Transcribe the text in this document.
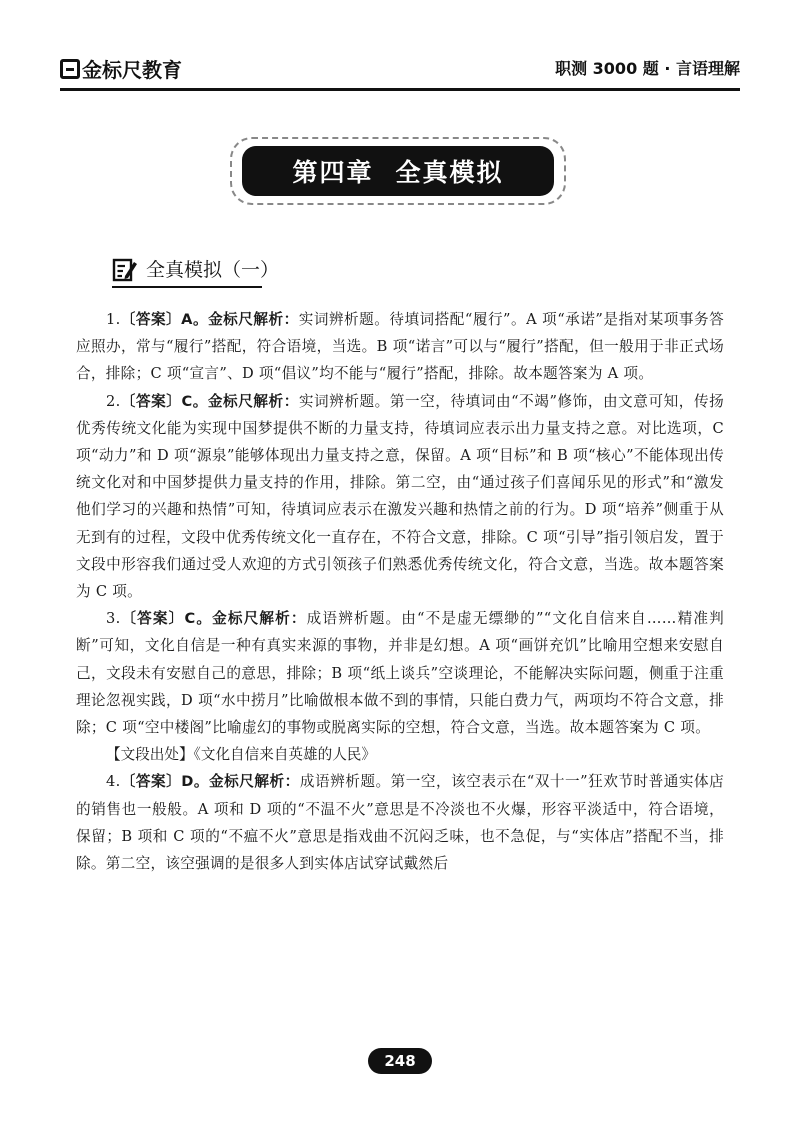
金标尺教育	职测 3000 题 · 言语理解
第四章 全真模拟
全真模拟（一）

1.〔答案〕A。金标尺解析：实词辨析题。待填词搭配“履行”。A 项“承诺”是指对某项事务答应照办，常与“履行”搭配，符合语境，当选。B 项“诺言”可以与“履行”搭配，但一般用于非正式场合，排除；C 项“宣言”、D 项“倡议”均不能与“履行”搭配，排除。故本题答案为 A 项。

2.〔答案〕C。金标尺解析：实词辨析题。第一空，待填词由“不竭”修饰，由文意可知，传扬优秀传统文化能为实现中国梦提供不断的力量支持，待填词应表示出力量支持之意。对比选项，C 项“动力”和 D 项“源泉”能够体现出力量支持之意，保留。A 项“目标”和 B 项“核心”不能体现出传统文化对和中国梦提供力量支持的作用，排除。第二空，由“通过孩子们喜闻乐见的形式”和“激发他们学习的兴趣和热情”可知，待填词应表示在激发兴趣和热情之前的行为。D 项“培养”侧重于从无到有的过程，文段中优秀传统文化一直存在，不符合文意，排除。C 项“引导”指引领启发，置于文段中形容我们通过受人欢迎的方式引领孩子们熟悉优秀传统文化，符合文意，当选。故本题答案为 C 项。

3.〔答案〕C。金标尺解析：成语辨析题。由“不是虚无缥缈的”“文化自信来自……精准判断”可知，文化自信是一种有真实来源的事物，并非是幻想。A 项“画饼充饥”比喻用空想来安慰自己，文段未有安慰自己的意思，排除；B 项“纸上谈兵”空谈理论，不能解决实际问题，侧重于注重理论忽视实践，D 项“水中捞月”比喻做根本做不到的事情，只能白费力气，两项均不符合文意，排除；C 项“空中楼阁”比喻虚幻的事物或脱离实际的空想，符合文意，当选。故本题答案为 C 项。

【文段出处】《文化自信来自英雄的人民》

4.〔答案〕D。金标尺解析：成语辨析题。第一空，该空表示在“双十一”狂欢节时普通实体店的销售也一般般。A 项和 D 项的“不温不火”意思是不冷淡也不火爆，形容平淡适中，符合语境，保留；B 项和 C 项的“不瘟不火”意思是指戏曲不沉闷乏味，也不急促，与“实体店”搭配不当，排除。第二空，该空强调的是很多人到实体店试穿试戴然后

248
